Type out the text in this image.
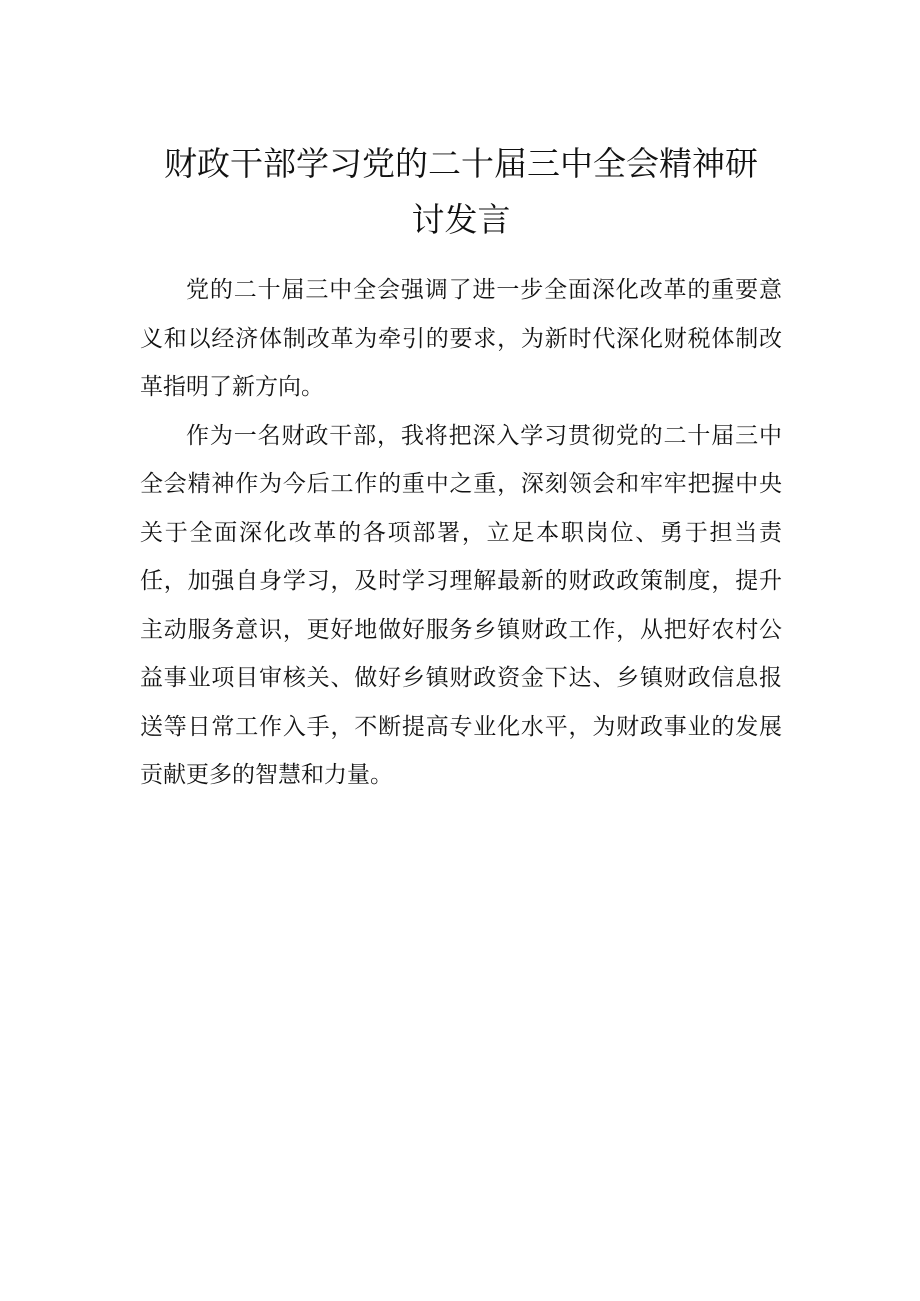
财政干部学习党的二十届三中全会精神研
讨发言

党的二十届三中全会强调了进一步全面深化改革的重要意义和以经济体制改革为牵引的要求，为新时代深化财税体制改革指明了新方向。

作为一名财政干部，我将把深入学习贯彻党的二十届三中全会精神作为今后工作的重中之重，深刻领会和牢牢把握中央关于全面深化改革的各项部署，立足本职岗位、勇于担当责任，加强自身学习，及时学习理解最新的财政政策制度，提升主动服务意识，更好地做好服务乡镇财政工作，从把好农村公益事业项目审核关、做好乡镇财政资金下达、乡镇财政信息报送等日常工作入手，不断提高专业化水平，为财政事业的发展贡献更多的智慧和力量。
